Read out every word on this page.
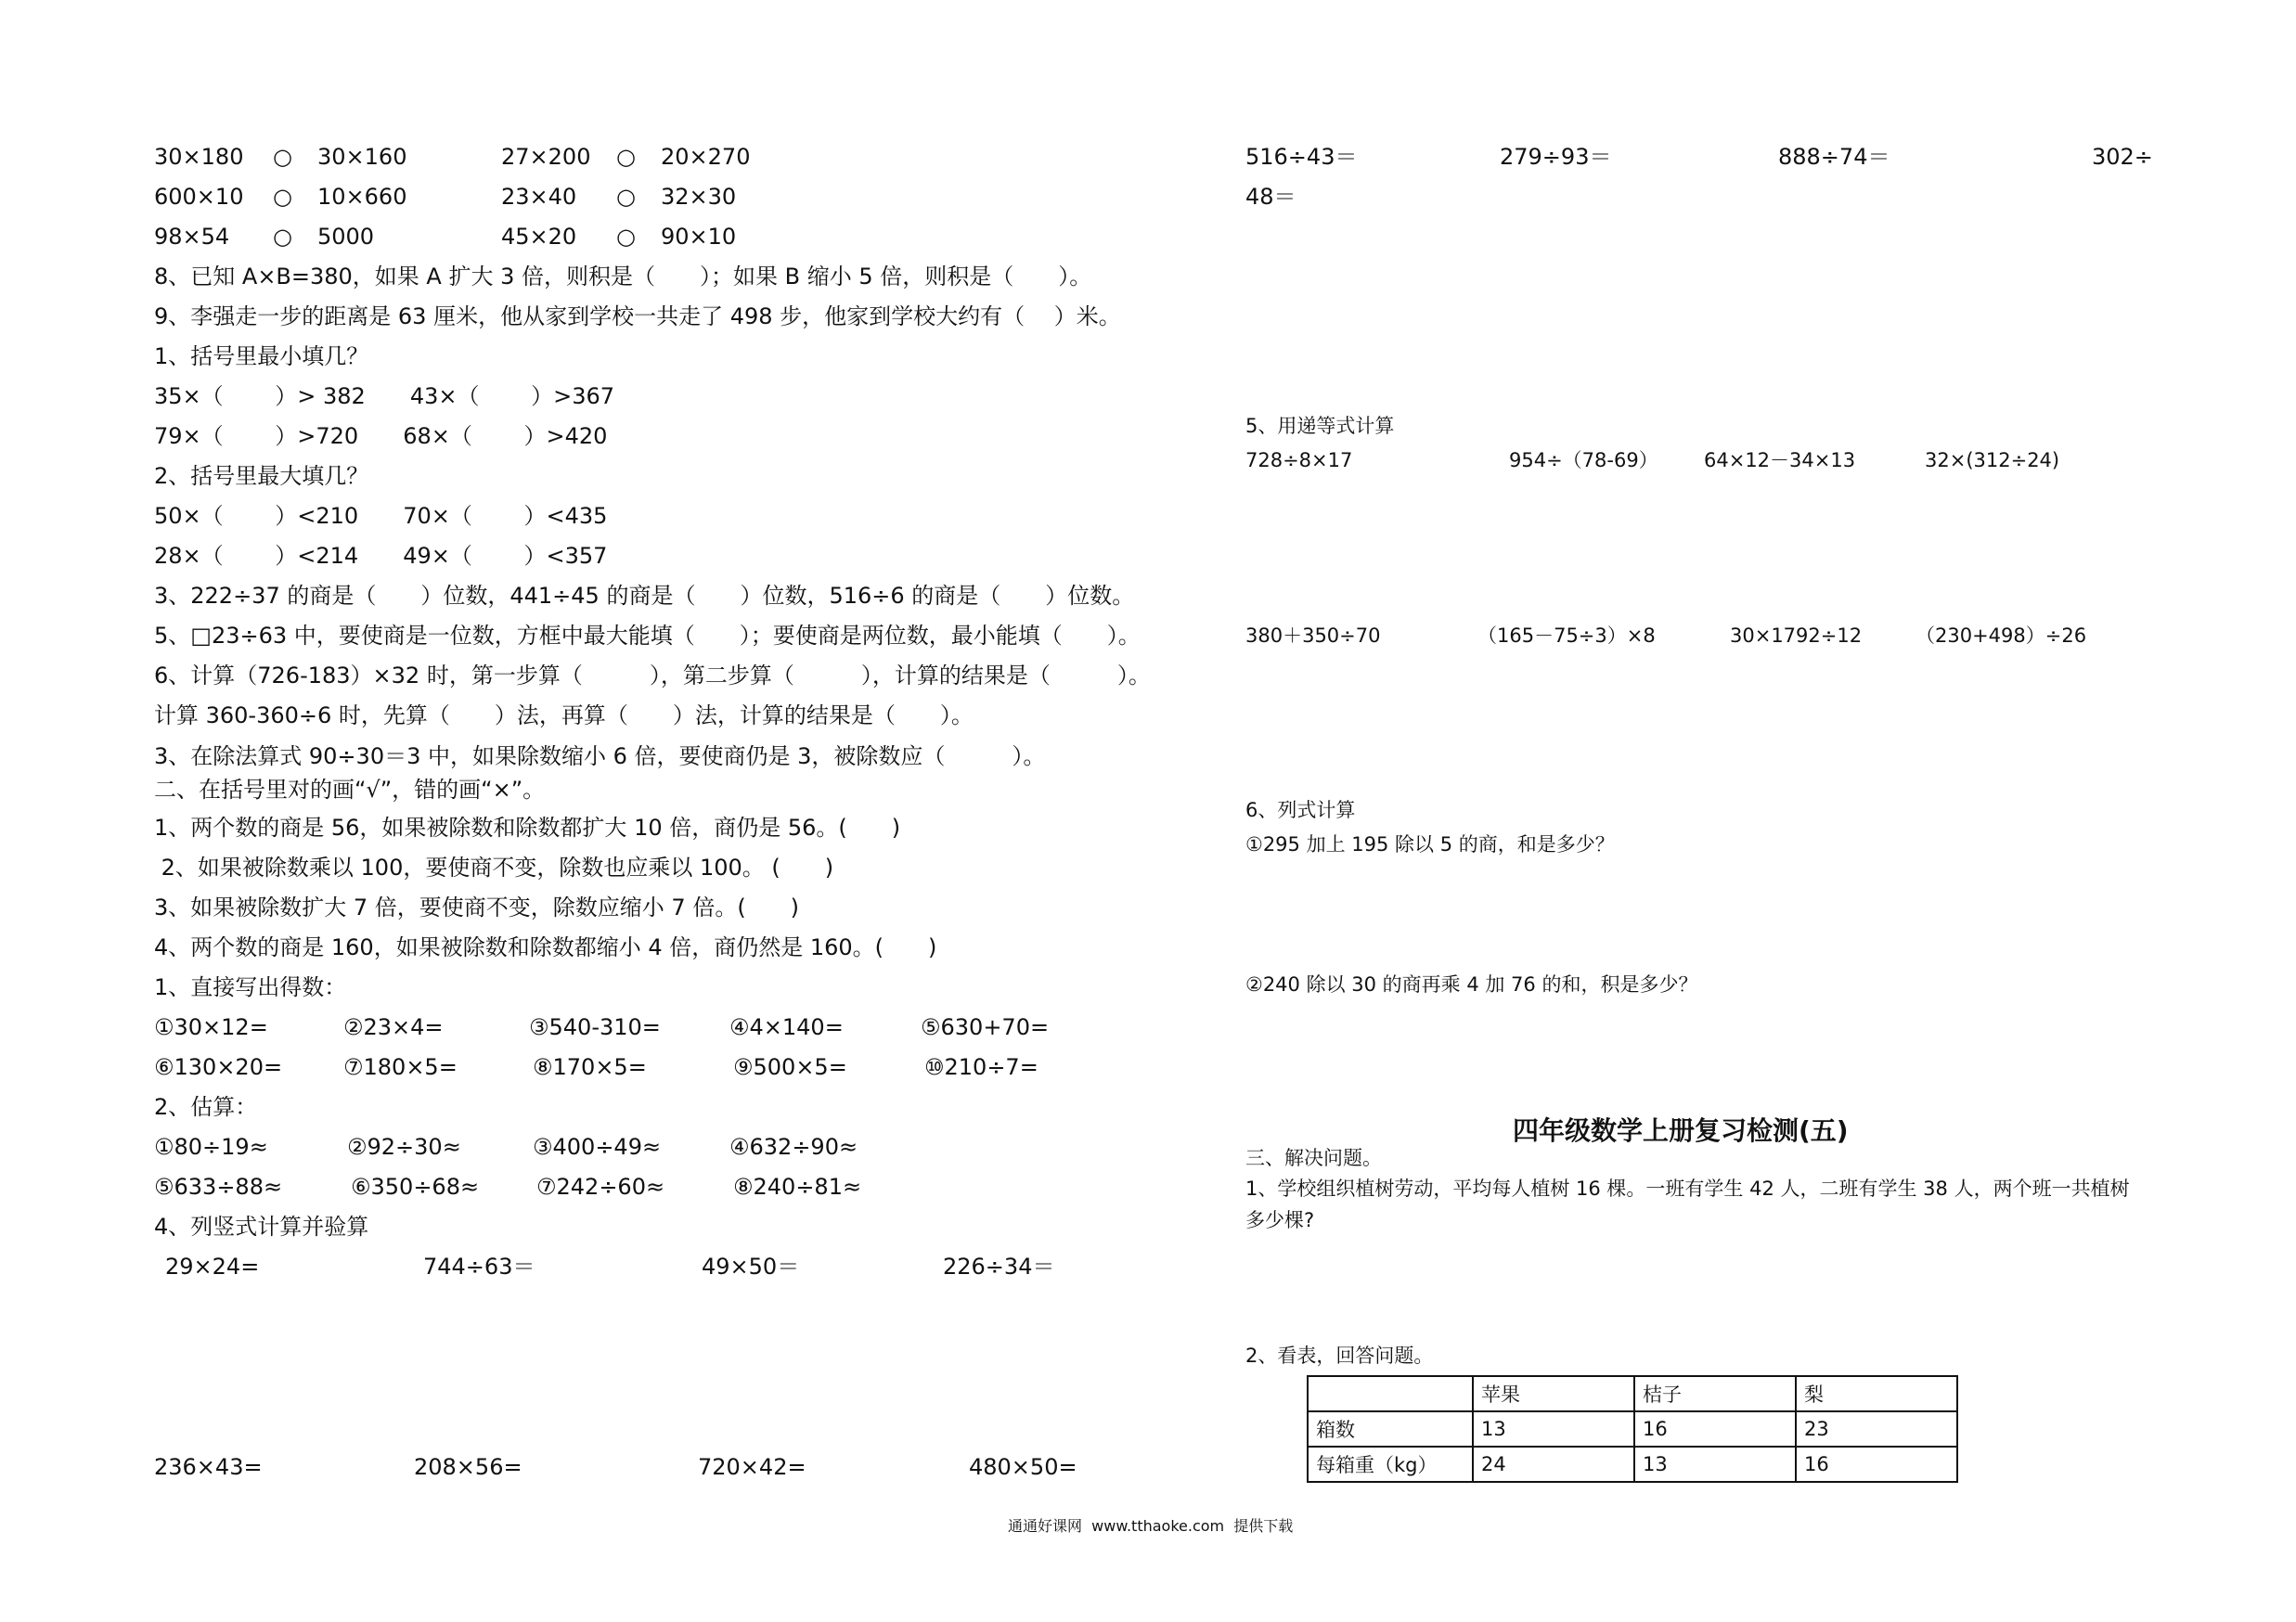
30×180 ○ 30×160	27×200 ○ 20×270
600×10 ○ 10×660	23×40 ○ 32×30
98×54 ○ 5000	45×20 ○ 90×10
8、已知 A×B=380，如果 A 扩大 3 倍，则积是（　　）；如果 B 缩小 5 倍，则积是（　　）。
9、李强走一步的距离是 63 厘米，他从家到学校一共走了 498 步，他家到学校大约有（　 ）米。
1、括号里最小填几？
35×（　　 ）> 382　　43×（　　 ）>367
79×（　　 ）>720　　68×（　　 ）>420
2、括号里最大填几？
50×（　　 ）<210　　70×（　　 ）<435
28×（　　 ）<214　　49×（　　 ）<357
3、222÷37 的商是（　　）位数，441÷45 的商是（　　）位数，516÷6 的商是（　　）位数。
5、□23÷63 中，要使商是一位数，方框中最大能填（　　）；要使商是两位数，最小能填（　　）。
6、计算（726-183）×32 时，第一步算（　　　），第二步算（　　　），计算的结果是（　　　）。
计算 360-360÷6 时，先算（　　）法，再算（　　）法，计算的结果是（　　）。
3、在除法算式 90÷30＝3 中，如果除数缩小 6 倍，要使商仍是 3，被除数应（　　　）。
二、在括号里对的画“√”，错的画“×”。
1、两个数的商是 56，如果被除数和除数都扩大 10 倍，商仍是 56。(　　)
2、如果被除数乘以 100，要使商不变，除数也应乘以 100。 (　　)
3、如果被除数扩大 7 倍，要使商不变，除数应缩小 7 倍。(　　)
4、两个数的商是 160，如果被除数和除数都缩小 4 倍，商仍然是 160。(　　)
1、直接写出得数：
①30×12=	②23×4=	③540-310=	④4×140=	⑤630+70=
⑥130×20=	⑦180×5=	⑧170×5=	⑨500×5=	⑩210÷7=
2、估算：
①80÷19≈	②92÷30≈	③400÷49≈	④632÷90≈
⑤633÷88≈	⑥350÷68≈	⑦242÷60≈	⑧240÷81≈
4、列竖式计算并验算
29×24=	744÷63＝	49×50＝	226÷34＝
236×43=	208×56=	720×42=	480×50=
516÷43＝	279÷93＝	888÷74＝	302÷
48＝
5、用递等式计算
728÷8×17	954÷（78-69） 64×12－34×13	32×(312÷24)
380＋350÷70	（165－75÷3）×8	30×1792÷12	（230+498）÷26
6、列式计算
①295 加上 195 除以 5 的商，和是多少？
②240 除以 30 的商再乘 4 加 76 的和，积是多少？
四年级数学上册复习检测(五)
三、解决问题。
1、学校组织植树劳动，平均每人植树 16 棵。一班有学生 42 人，二班有学生 38 人，两个班一共植树
多少棵?
2、看表，回答问题。
	苹果	桔子	梨
箱数	13	16	23
每箱重（kg）	24	13	16
通通好课网  www.tthaoke.com  提供下载
